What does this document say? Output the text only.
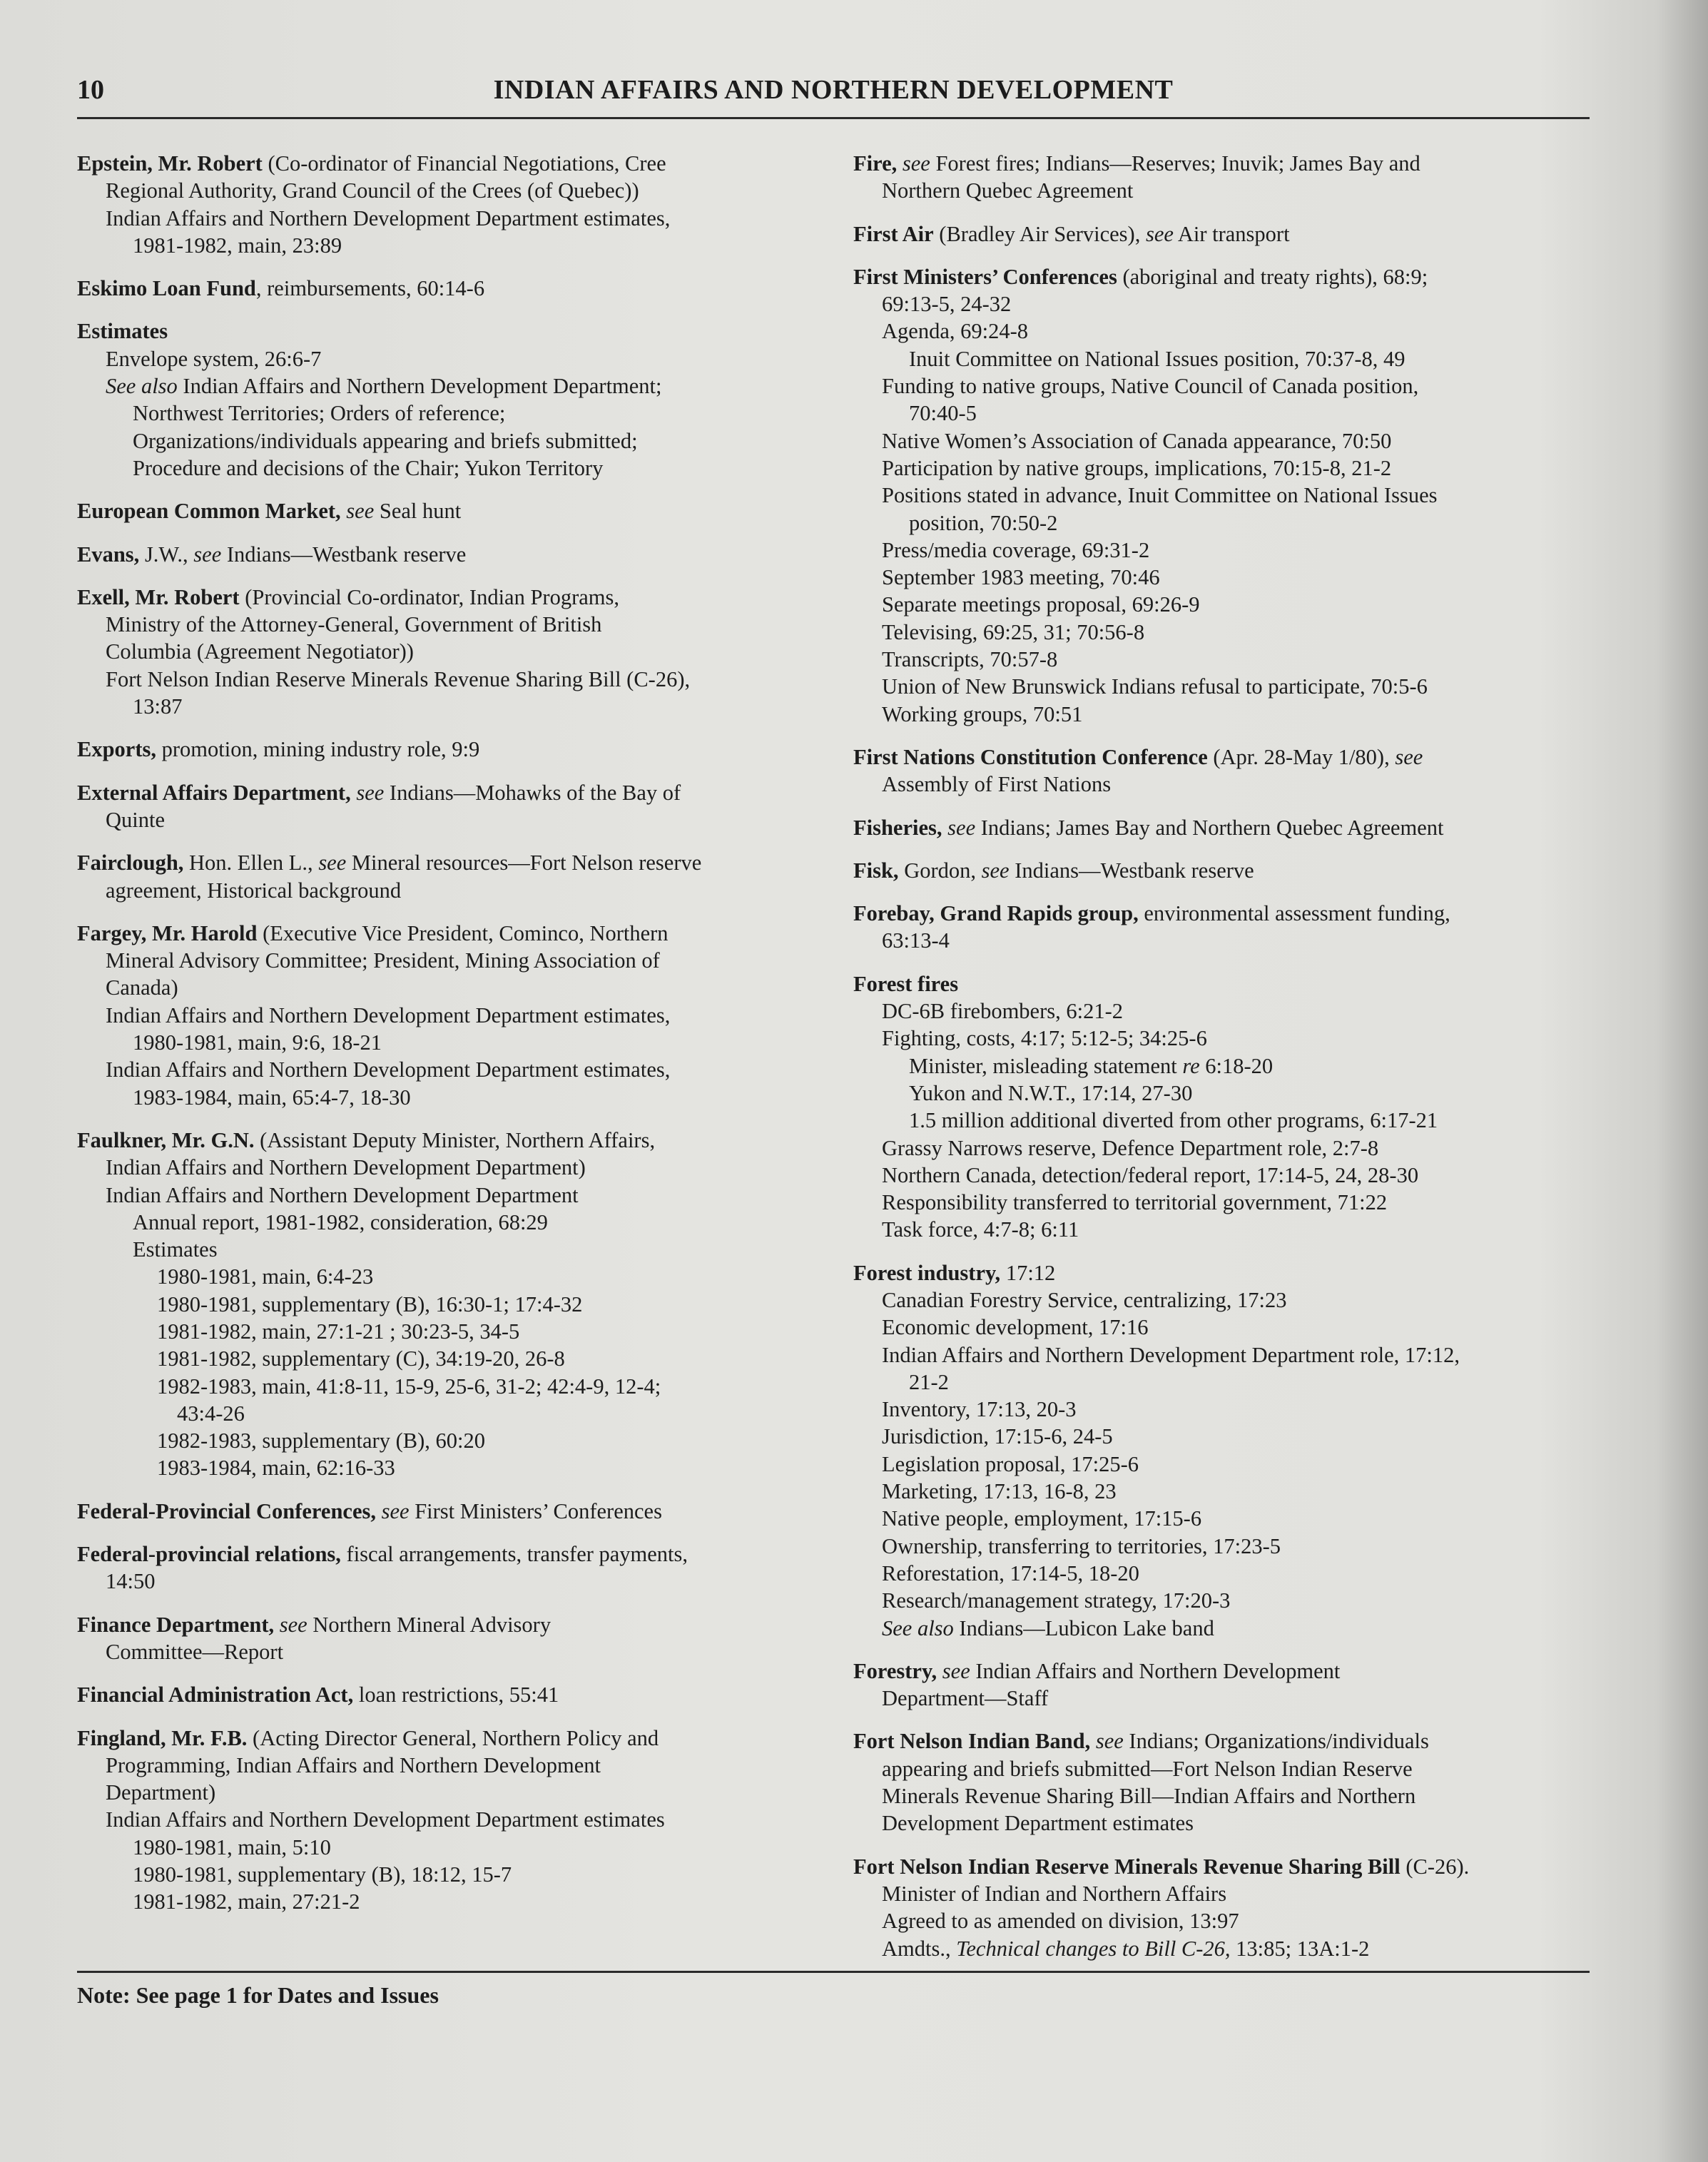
10	INDIAN AFFAIRS AND NORTHERN DEVELOPMENT
Epstein, Mr. Robert (Co-ordinator of Financial Negotiations, Cree
Regional Authority, Grand Council of the Crees (of Quebec))
Indian Affairs and Northern Development Department estimates,
1981-1982, main, 23:89
Eskimo Loan Fund, reimbursements, 60:14-6
Estimates
Envelope system, 26:6-7
See also Indian Affairs and Northern Development Department;
Northwest Territories; Orders of reference;
Organizations/individuals appearing and briefs submitted;
Procedure and decisions of the Chair; Yukon Territory
European Common Market, see Seal hunt
Evans, J.W., see Indians—Westbank reserve
Exell, Mr. Robert (Provincial Co-ordinator, Indian Programs,
Ministry of the Attorney-General, Government of British
Columbia (Agreement Negotiator))
Fort Nelson Indian Reserve Minerals Revenue Sharing Bill (C-26),
13:87
Exports, promotion, mining industry role, 9:9
External Affairs Department, see Indians—Mohawks of the Bay of
Quinte
Fairclough, Hon. Ellen L., see Mineral resources—Fort Nelson reserve
agreement, Historical background
Fargey, Mr. Harold (Executive Vice President, Cominco, Northern
Mineral Advisory Committee; President, Mining Association of
Canada)
Indian Affairs and Northern Development Department estimates,
1980-1981, main, 9:6, 18-21
Indian Affairs and Northern Development Department estimates,
1983-1984, main, 65:4-7, 18-30
Faulkner, Mr. G.N. (Assistant Deputy Minister, Northern Affairs,
Indian Affairs and Northern Development Department)
Indian Affairs and Northern Development Department
Annual report, 1981-1982, consideration, 68:29
Estimates
1980-1981, main, 6:4-23
1980-1981, supplementary (B), 16:30-1; 17:4-32
1981-1982, main, 27:1-21 ; 30:23-5, 34-5
1981-1982, supplementary (C), 34:19-20, 26-8
1982-1983, main, 41:8-11, 15-9, 25-6, 31-2; 42:4-9, 12-4;
43:4-26
1982-1983, supplementary (B), 60:20
1983-1984, main, 62:16-33
Federal-Provincial Conferences, see First Ministers’ Conferences
Federal-provincial relations, fiscal arrangements, transfer payments,
14:50
Finance Department, see Northern Mineral Advisory
Committee—Report
Financial Administration Act, loan restrictions, 55:41
Fingland, Mr. F.B. (Acting Director General, Northern Policy and
Programming, Indian Affairs and Northern Development
Department)
Indian Affairs and Northern Development Department estimates
1980-1981, main, 5:10
1980-1981, supplementary (B), 18:12, 15-7
1981-1982, main, 27:21-2
Fire, see Forest fires; Indians—Reserves; Inuvik; James Bay and
Northern Quebec Agreement
First Air (Bradley Air Services), see Air transport
First Ministers’ Conferences (aboriginal and treaty rights), 68:9;
69:13-5, 24-32
Agenda, 69:24-8
Inuit Committee on National Issues position, 70:37-8, 49
Funding to native groups, Native Council of Canada position,
70:40-5
Native Women’s Association of Canada appearance, 70:50
Participation by native groups, implications, 70:15-8, 21-2
Positions stated in advance, Inuit Committee on National Issues
position, 70:50-2
Press/media coverage, 69:31-2
September 1983 meeting, 70:46
Separate meetings proposal, 69:26-9
Televising, 69:25, 31; 70:56-8
Transcripts, 70:57-8
Union of New Brunswick Indians refusal to participate, 70:5-6
Working groups, 70:51
First Nations Constitution Conference (Apr. 28-May 1/80), see
Assembly of First Nations
Fisheries, see Indians; James Bay and Northern Quebec Agreement
Fisk, Gordon, see Indians—Westbank reserve
Forebay, Grand Rapids group, environmental assessment funding,
63:13-4
Forest fires
DC-6B firebombers, 6:21-2
Fighting, costs, 4:17; 5:12-5; 34:25-6
Minister, misleading statement re 6:18-20
Yukon and N.W.T., 17:14, 27-30
1.5 million additional diverted from other programs, 6:17-21
Grassy Narrows reserve, Defence Department role, 2:7-8
Northern Canada, detection/federal report, 17:14-5, 24, 28-30
Responsibility transferred to territorial government, 71:22
Task force, 4:7-8; 6:11
Forest industry, 17:12
Canadian Forestry Service, centralizing, 17:23
Economic development, 17:16
Indian Affairs and Northern Development Department role, 17:12,
21-2
Inventory, 17:13, 20-3
Jurisdiction, 17:15-6, 24-5
Legislation proposal, 17:25-6
Marketing, 17:13, 16-8, 23
Native people, employment, 17:15-6
Ownership, transferring to territories, 17:23-5
Reforestation, 17:14-5, 18-20
Research/management strategy, 17:20-3
See also Indians—Lubicon Lake band
Forestry, see Indian Affairs and Northern Development
Department—Staff
Fort Nelson Indian Band, see Indians; Organizations/individuals
appearing and briefs submitted—Fort Nelson Indian Reserve
Minerals Revenue Sharing Bill—Indian Affairs and Northern
Development Department estimates
Fort Nelson Indian Reserve Minerals Revenue Sharing Bill (C-26).
Minister of Indian and Northern Affairs
Agreed to as amended on division, 13:97
Amdts., Technical changes to Bill C-26, 13:85; 13A:1-2
Note: See page 1 for Dates and Issues
